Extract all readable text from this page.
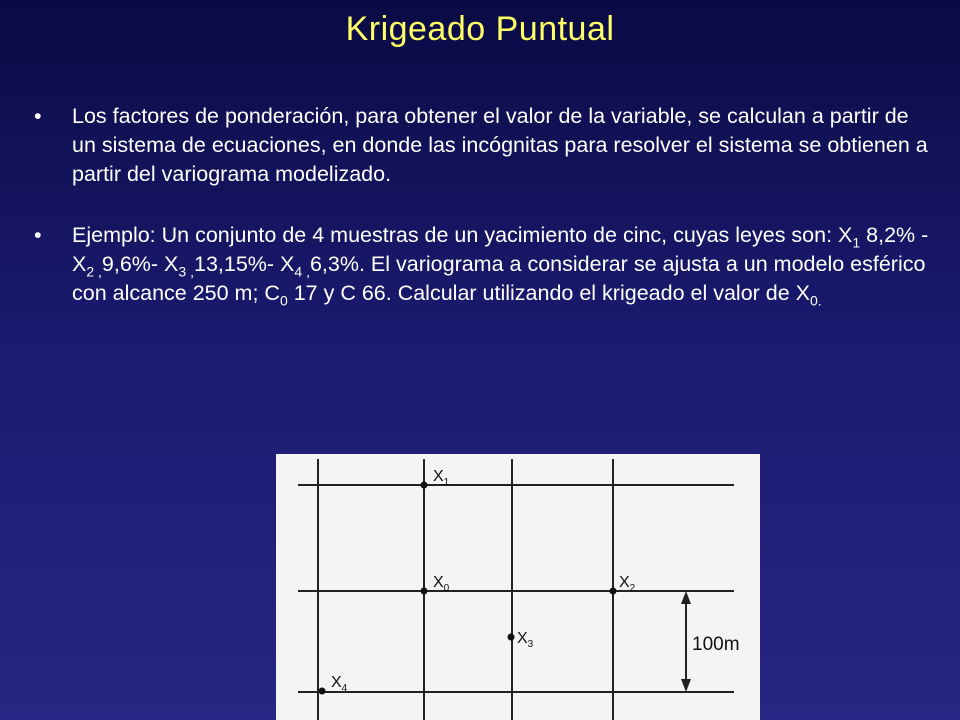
Krigeado Puntual
• Los factores de ponderación, para obtener el valor de la variable, se calculan a partir de un sistema de ecuaciones, en donde las incógnitas para resolver el sistema se obtienen a partir del variograma modelizado.
• Ejemplo: Un conjunto de 4 muestras de un yacimiento de cinc, cuyas leyes son: $X_1$ $8,2\% - X_{2 ,}9,6\%-$ $X_{3 ,}13,15\%-$ $X_{4 ,}6,3\%$. El variograma a considerar se ajusta a un modelo esférico con alcance 250 m; $C_0$ 17 y C 66. Calcular utilizando el krigeado el valor de $X_{0.}$
$X_1$
$X_0$	$X_2$
$X_3$
$X_4$
100m
